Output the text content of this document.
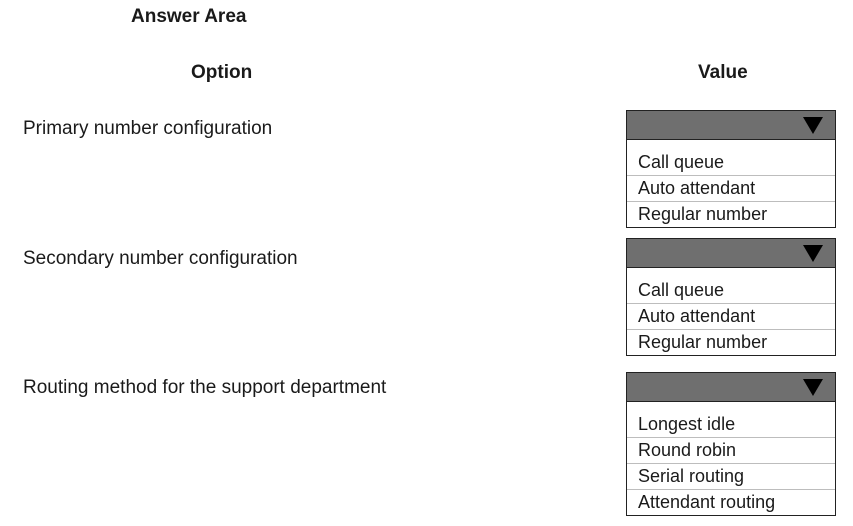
Answer Area
Option	Value
Primary number configuration
Call queue
Auto attendant
Regular number
Secondary number configuration
Call queue
Auto attendant
Regular number
Routing method for the support department
Longest idle
Round robin
Serial routing
Attendant routing
